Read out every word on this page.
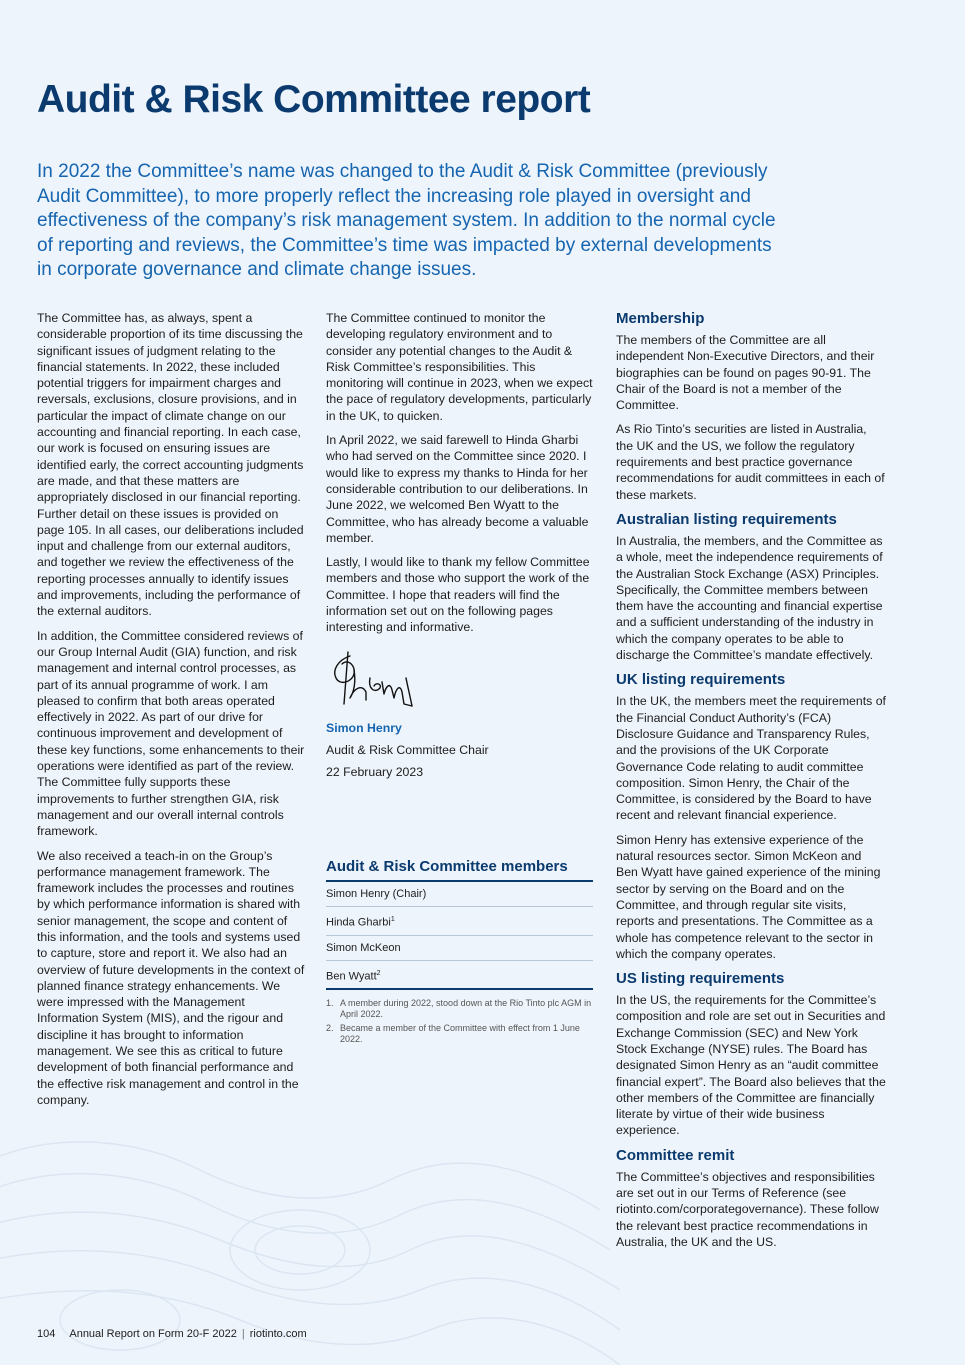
Audit & Risk Committee report

In 2022 the Committee’s name was changed to the Audit & Risk Committee (previously Audit Committee), to more properly reflect the increasing role played in oversight and effectiveness of the company’s risk management system. In addition to the normal cycle of reporting and reviews, the Committee’s time was impacted by external developments in corporate governance and climate change issues.

The Committee has, as always, spent a considerable proportion of its time discussing the significant issues of judgment relating to the financial statements. In 2022, these included potential triggers for impairment charges and reversals, exclusions, closure provisions, and in particular the impact of climate change on our accounting and financial reporting. In each case, our work is focused on ensuring issues are identified early, the correct accounting judgments are made, and that these matters are appropriately disclosed in our financial reporting. Further detail on these issues is provided on page 105. In all cases, our deliberations included input and challenge from our external auditors, and together we review the effectiveness of the reporting processes annually to identify issues and improvements, including the performance of the external auditors.

In addition, the Committee considered reviews of our Group Internal Audit (GIA) function, and risk management and internal control processes, as part of its annual programme of work. I am pleased to confirm that both areas operated effectively in 2022. As part of our drive for continuous improvement and development of these key functions, some enhancements to their operations were identified as part of the review. The Committee fully supports these improvements to further strengthen GIA, risk management and our overall internal controls framework.

We also received a teach-in on the Group’s performance management framework. The framework includes the processes and routines by which performance information is shared with senior management, the scope and content of this information, and the tools and systems used to capture, store and report it. We also had an overview of future developments in the context of planned finance strategy enhancements. We were impressed with the Management Information System (MIS), and the rigour and discipline it has brought to information management. We see this as critical to future development of both financial performance and the effective risk management and control in the company.

The Committee continued to monitor the developing regulatory environment and to consider any potential changes to the Audit & Risk Committee’s responsibilities. This monitoring will continue in 2023, when we expect the pace of regulatory developments, particularly in the UK, to quicken.

In April 2022, we said farewell to Hinda Gharbi who had served on the Committee since 2020. I would like to express my thanks to Hinda for her considerable contribution to our deliberations. In June 2022, we welcomed Ben Wyatt to the Committee, who has already become a valuable member.

Lastly, I would like to thank my fellow Committee members and those who support the work of the Committee. I hope that readers will find the information set out on the following pages interesting and informative.

Simon Henry

Audit & Risk Committee Chair

22 February 2023

Audit & Risk Committee members
Simon Henry (Chair)
Hinda Gharbi$^1$
Simon McKeon
Ben Wyatt$^2$
1. A member during 2022, stood down at the Rio Tinto plc AGM in April 2022.
2. Became a member of the Committee with effect from 1 June 2022.
Membership

The members of the Committee are all independent Non-Executive Directors, and their biographies can be found on pages 90-91. The Chair of the Board is not a member of the Committee.

As Rio Tinto’s securities are listed in Australia, the UK and the US, we follow the regulatory requirements and best practice governance recommendations for audit committees in each of these markets.

Australian listing requirements

In Australia, the members, and the Committee as a whole, meet the independence requirements of the Australian Stock Exchange (ASX) Principles. Specifically, the Committee members between them have the accounting and financial expertise and a sufficient understanding of the industry in which the company operates to be able to discharge the Committee’s mandate effectively.

UK listing requirements

In the UK, the members meet the requirements of the Financial Conduct Authority’s (FCA) Disclosure Guidance and Transparency Rules, and the provisions of the UK Corporate Governance Code relating to audit committee composition. Simon Henry, the Chair of the Committee, is considered by the Board to have recent and relevant financial experience.

Simon Henry has extensive experience of the natural resources sector. Simon McKeon and Ben Wyatt have gained experience of the mining sector by serving on the Board and on the Committee, and through regular site visits, reports and presentations. The Committee as a whole has competence relevant to the sector in which the company operates.

US listing requirements

In the US, the requirements for the Committee’s composition and role are set out in Securities and Exchange Commission (SEC) and New York Stock Exchange (NYSE) rules. The Board has designated Simon Henry as an “audit committee financial expert”. The Board also believes that the other members of the Committee are financially literate by virtue of their wide business experience.

Committee remit

The Committee’s objectives and responsibilities are set out in our Terms of Reference (see riotinto.com/corporategovernance). These follow the relevant best practice recommendations in Australia, the UK and the US.

104 Annual Report on Form 20-F 2022 | riotinto.com
